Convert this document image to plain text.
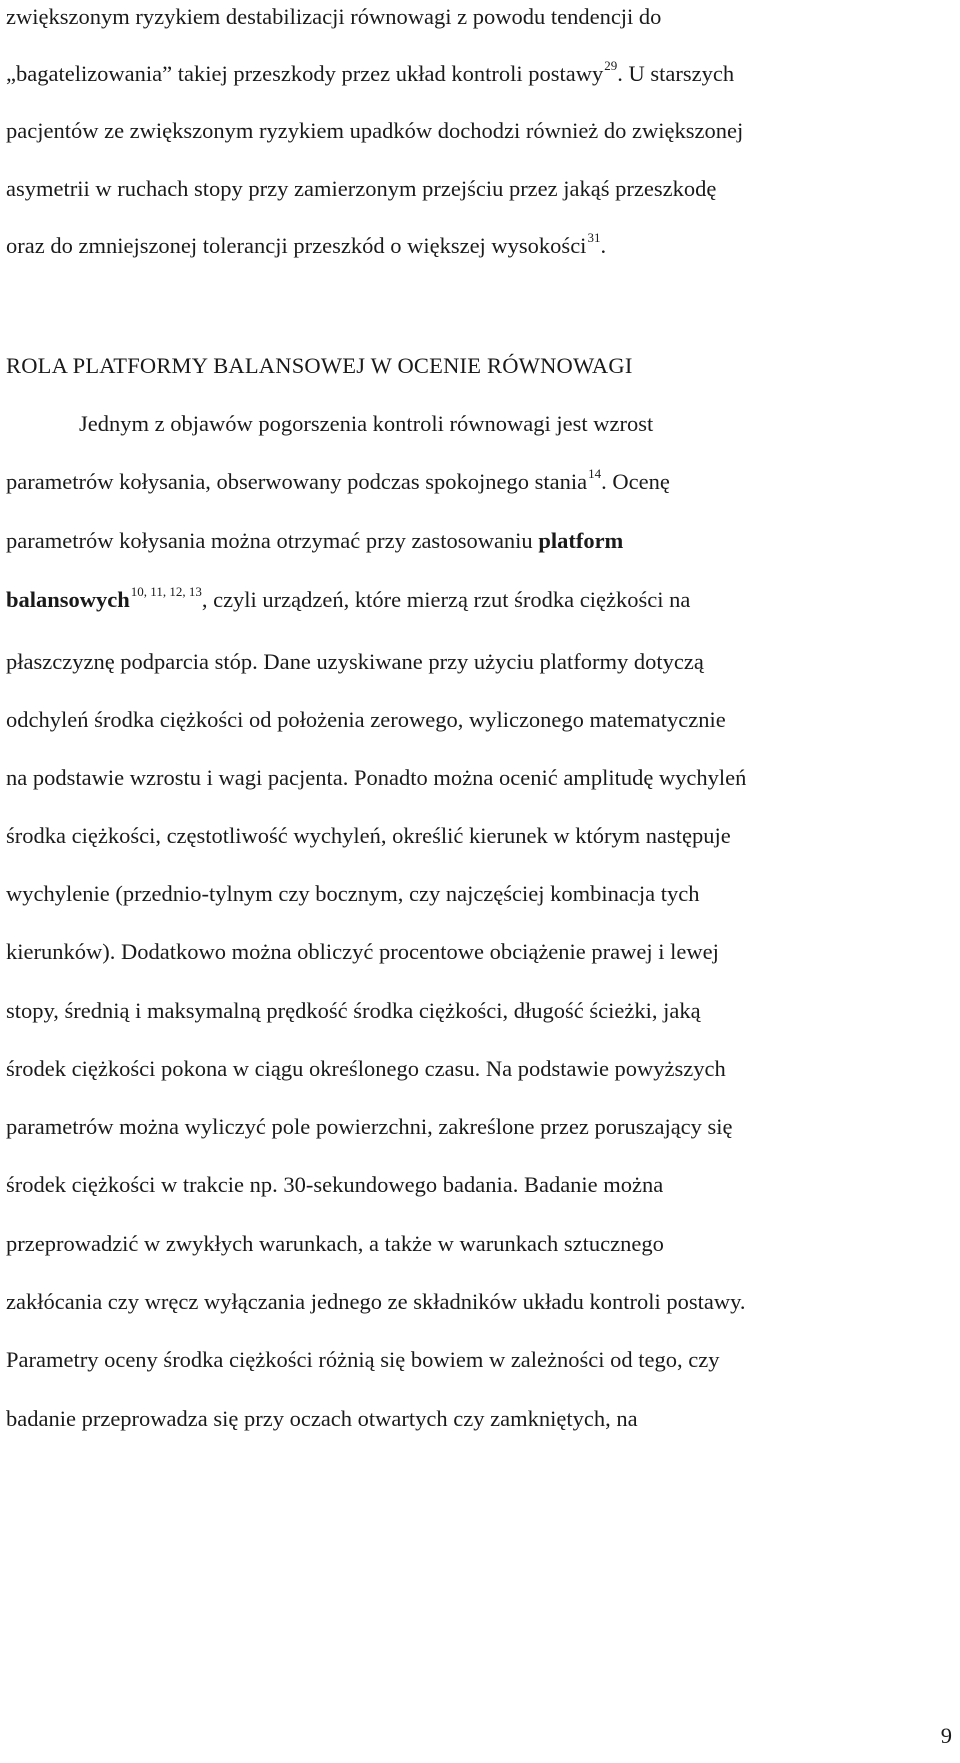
zwiększonym ryzykiem destabilizacji równowagi z powodu tendencji do
„bagatelizowania” takiej przeszkody przez układ kontroli postawy$^{29}$. U starszych
pacjentów ze zwiększonym ryzykiem upadków dochodzi również do zwiększonej
asymetrii w ruchach stopy przy zamierzonym przejściu przez jakąś przeszkodę
oraz do zmniejszonej tolerancji przeszkód o większej wysokości$^{31}$.
ROLA PLATFORMY BALANSOWEJ W OCENIE RÓWNOWAGI
Jednym z objawów pogorszenia kontroli równowagi jest wzrost
parametrów kołysania, obserwowany podczas spokojnego stania$^{14}$. Ocenę
parametrów kołysania można otrzymać przy zastosowaniu platform
balansowych$^{10, 11, 12, 13}$, czyli urządzeń, które mierzą rzut środka ciężkości na
płaszczyznę podparcia stóp. Dane uzyskiwane przy użyciu platformy dotyczą
odchyleń środka ciężkości od położenia zerowego, wyliczonego matematycznie
na podstawie wzrostu i wagi pacjenta. Ponadto można ocenić amplitudę wychyleń
środka ciężkości, częstotliwość wychyleń, określić kierunek w którym następuje
wychylenie (przednio-tylnym czy bocznym, czy najczęściej kombinacja tych
kierunków). Dodatkowo można obliczyć procentowe obciążenie prawej i lewej
stopy, średnią i maksymalną prędkość środka ciężkości, długość ścieżki, jaką
środek ciężkości pokona w ciągu określonego czasu. Na podstawie powyższych
parametrów można wyliczyć pole powierzchni, zakreślone przez poruszający się
środek ciężkości w trakcie np. 30-sekundowego badania. Badanie można
przeprowadzić w zwykłych warunkach, a także w warunkach sztucznego
zakłócania czy wręcz wyłączania jednego ze składników układu kontroli postawy.
Parametry oceny środka ciężkości różnią się bowiem w zależności od tego, czy
badanie przeprowadza się przy oczach otwartych czy zamkniętych, na
9
